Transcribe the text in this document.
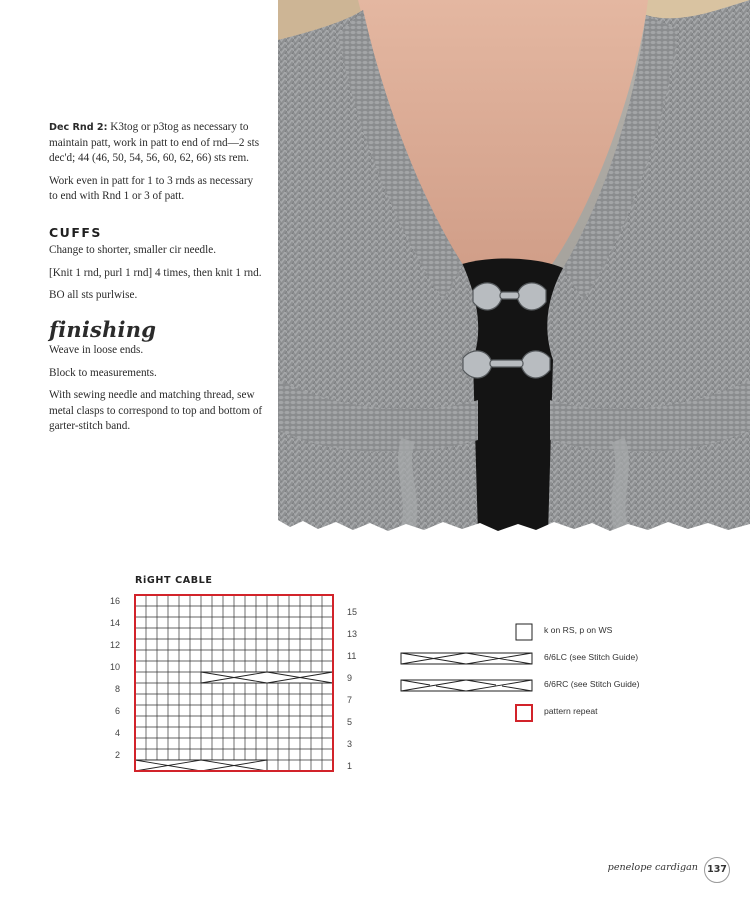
Dec Rnd 2: K3tog or p3tog as necessary to maintain patt, work in patt to end of rnd—2 sts dec'd; 44 (46, 50, 54, 56, 60, 62, 66) sts rem.

Work even in patt for 1 to 3 rnds as necessary to end with Rnd 1 or 3 of patt.

CUFFS

Change to shorter, smaller cir needle.

[Knit 1 rnd, purl 1 rnd] 4 times, then knit 1 rnd.

BO all sts purlwise.

finishing

Weave in loose ends.

Block to measurements.

With sewing needle and matching thread, sew metal clasps to correspond to top and bottom of garter-stitch band.

RiGHT CABLE
16
14
12
10
8
6
4
2
15
13
11
9
7
5
3
1
k on RS, p on WS
6/6LC (see Stitch Guide)
6/6RC (see Stitch Guide)
pattern repeat
penelope cardigan 137
